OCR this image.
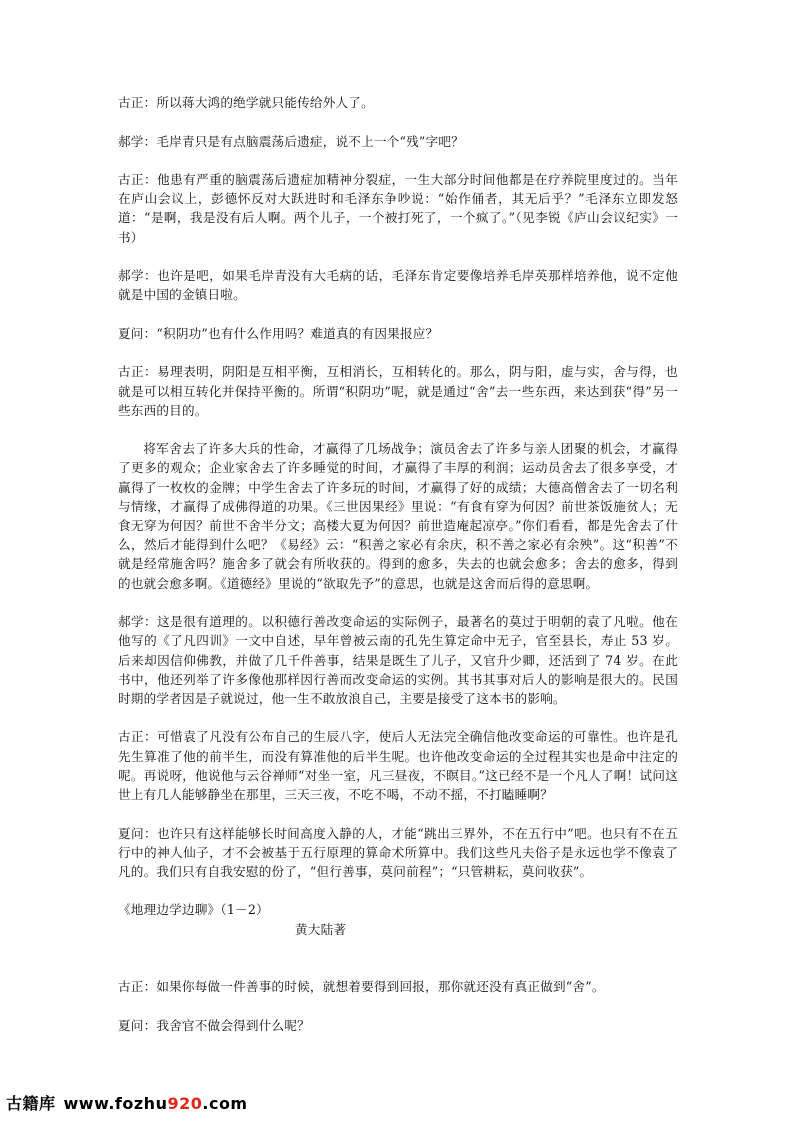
古正：所以蒋大鸿的绝学就只能传给外人了。

郝学：毛岸青只是有点脑震荡后遗症，说不上一个“残”字吧？

古正：他患有严重的脑震荡后遗症加精神分裂症，一生大部分时间他都是在疗养院里度过的。当年在庐山会议上，彭德怀反对大跃进时和毛泽东争吵说：“始作俑者，其无后乎？”毛泽东立即发怒道：“是啊，我是没有后人啊。两个儿子，一个被打死了，一个疯了。”（见李锐《庐山会议纪实》一书）

郝学：也许是吧，如果毛岸青没有大毛病的话，毛泽东肯定要像培养毛岸英那样培养他，说不定他就是中国的金镇日啦。

夏问：“积阴功”也有什么作用吗？难道真的有因果报应？

古正：易理表明，阴阳是互相平衡，互相消长，互相转化的。那么，阴与阳，虚与实，舍与得，也就是可以相互转化并保持平衡的。所谓“积阴功”呢，就是通过“舍”去一些东西，来达到获“得”另一些东西的目的。

将军舍去了许多大兵的性命，才赢得了几场战争；演员舍去了许多与亲人团聚的机会，才赢得了更多的观众；企业家舍去了许多睡觉的时间，才赢得了丰厚的利润；运动员舍去了很多享受，才赢得了一枚枚的金牌；中学生舍去了许多玩的时间，才赢得了好的成绩；大德高僧舍去了一切名利与情缘，才赢得了成佛得道的功果。《三世因果经》里说：“有食有穿为何因？前世茶饭施贫人；无食无穿为何因？前世不舍半分文；高楼大夏为何因？前世造庵起凉亭。”你们看看，都是先舍去了什么，然后才能得到什么吧？《易经》云：“积善之家必有余庆，积不善之家必有余殃”。这“积善”不就是经常施舍吗？施舍多了就会有所收获的。得到的愈多，失去的也就会愈多；舍去的愈多，得到的也就会愈多啊。《道德经》里说的“欲取先予”的意思，也就是这舍而后得的意思啊。

郝学：这是很有道理的。以积德行善改变命运的实际例子，最著名的莫过于明朝的袁了凡啦。他在他写的《了凡四训》一文中自述，早年曾被云南的孔先生算定命中无子，官至县长，寿止 53 岁。后来却因信仰佛教，并做了几千件善事，结果是既生了儿子，又官升少卿，还活到了 74 岁。在此书中，他还列举了许多像他那样因行善而改变命运的实例。其书其事对后人的影响是很大的。民国时期的学者因是子就说过，他一生不敢放浪自己，主要是接受了这本书的影响。

古正：可惜袁了凡没有公布自己的生辰八字，使后人无法完全确信他改变命运的可靠性。也许是孔先生算准了他的前半生，而没有算准他的后半生呢。也许他改变命运的全过程其实也是命中注定的呢。再说呀，他说他与云谷禅师“对坐一室，凡三昼夜，不瞑目。”这已经不是一个凡人了啊！试问这世上有几人能够静坐在那里，三天三夜，不吃不喝，不动不摇，不打瞌睡啊？

夏问：也许只有这样能够长时间高度入静的人，才能“跳出三界外，不在五行中”吧。也只有不在五行中的神人仙子，才不会被基于五行原理的算命术所算中。我们这些凡夫俗子是永远也学不像袁了凡的。我们只有自我安慰的份了，“但行善事，莫问前程”；“只管耕耘，莫问收获”。

《地理边学边聊》（1－2）

黄大陆著

古正：如果你每做一件善事的时候，就想着要得到回报，那你就还没有真正做到“舍”。

夏问：我舍官不做会得到什么呢？

古籍库 www.fozhu920.com
